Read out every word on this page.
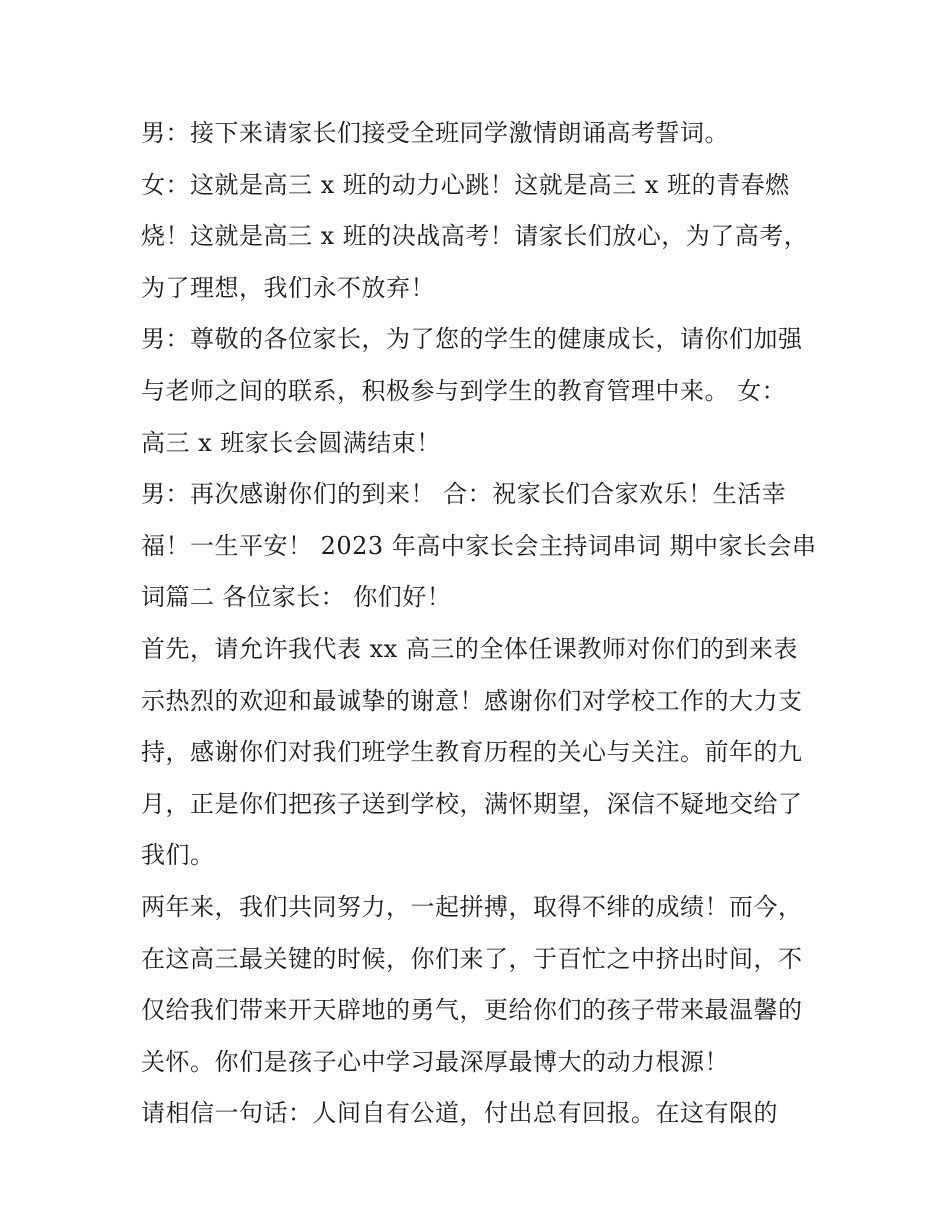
男：接下来请家长们接受全班同学激情朗诵高考誓词。
女：这就是高三 x 班的动力心跳！这就是高三 x 班的青春燃
烧！这就是高三 x 班的决战高考！请家长们放心，为了高考，
为了理想，我们永不放弃！
男：尊敬的各位家长，为了您的学生的健康成长，请你们加强
与老师之间的联系，积极参与到学生的教育管理中来。 女：
高三 x 班家长会圆满结束！
男：再次感谢你们的到来！ 合：祝家长们合家欢乐！生活幸
福！一生平安！ 2023 年高中家长会主持词串词 期中家长会串
词篇二 各位家长： 你们好！
首先，请允许我代表 xx 高三的全体任课教师对你们的到来表
示热烈的欢迎和最诚挚的谢意！感谢你们对学校工作的大力支
持，感谢你们对我们班学生教育历程的关心与关注。前年的九
月，正是你们把孩子送到学校，满怀期望，深信不疑地交给了
我们。
两年来，我们共同努力，一起拼搏，取得不绯的成绩！而今，
在这高三最关键的时候，你们来了，于百忙之中挤出时间，不
仅给我们带来开天辟地的勇气，更给你们的孩子带来最温馨的
关怀。你们是孩子心中学习最深厚最博大的动力根源！
请相信一句话：人间自有公道，付出总有回报。在这有限的
